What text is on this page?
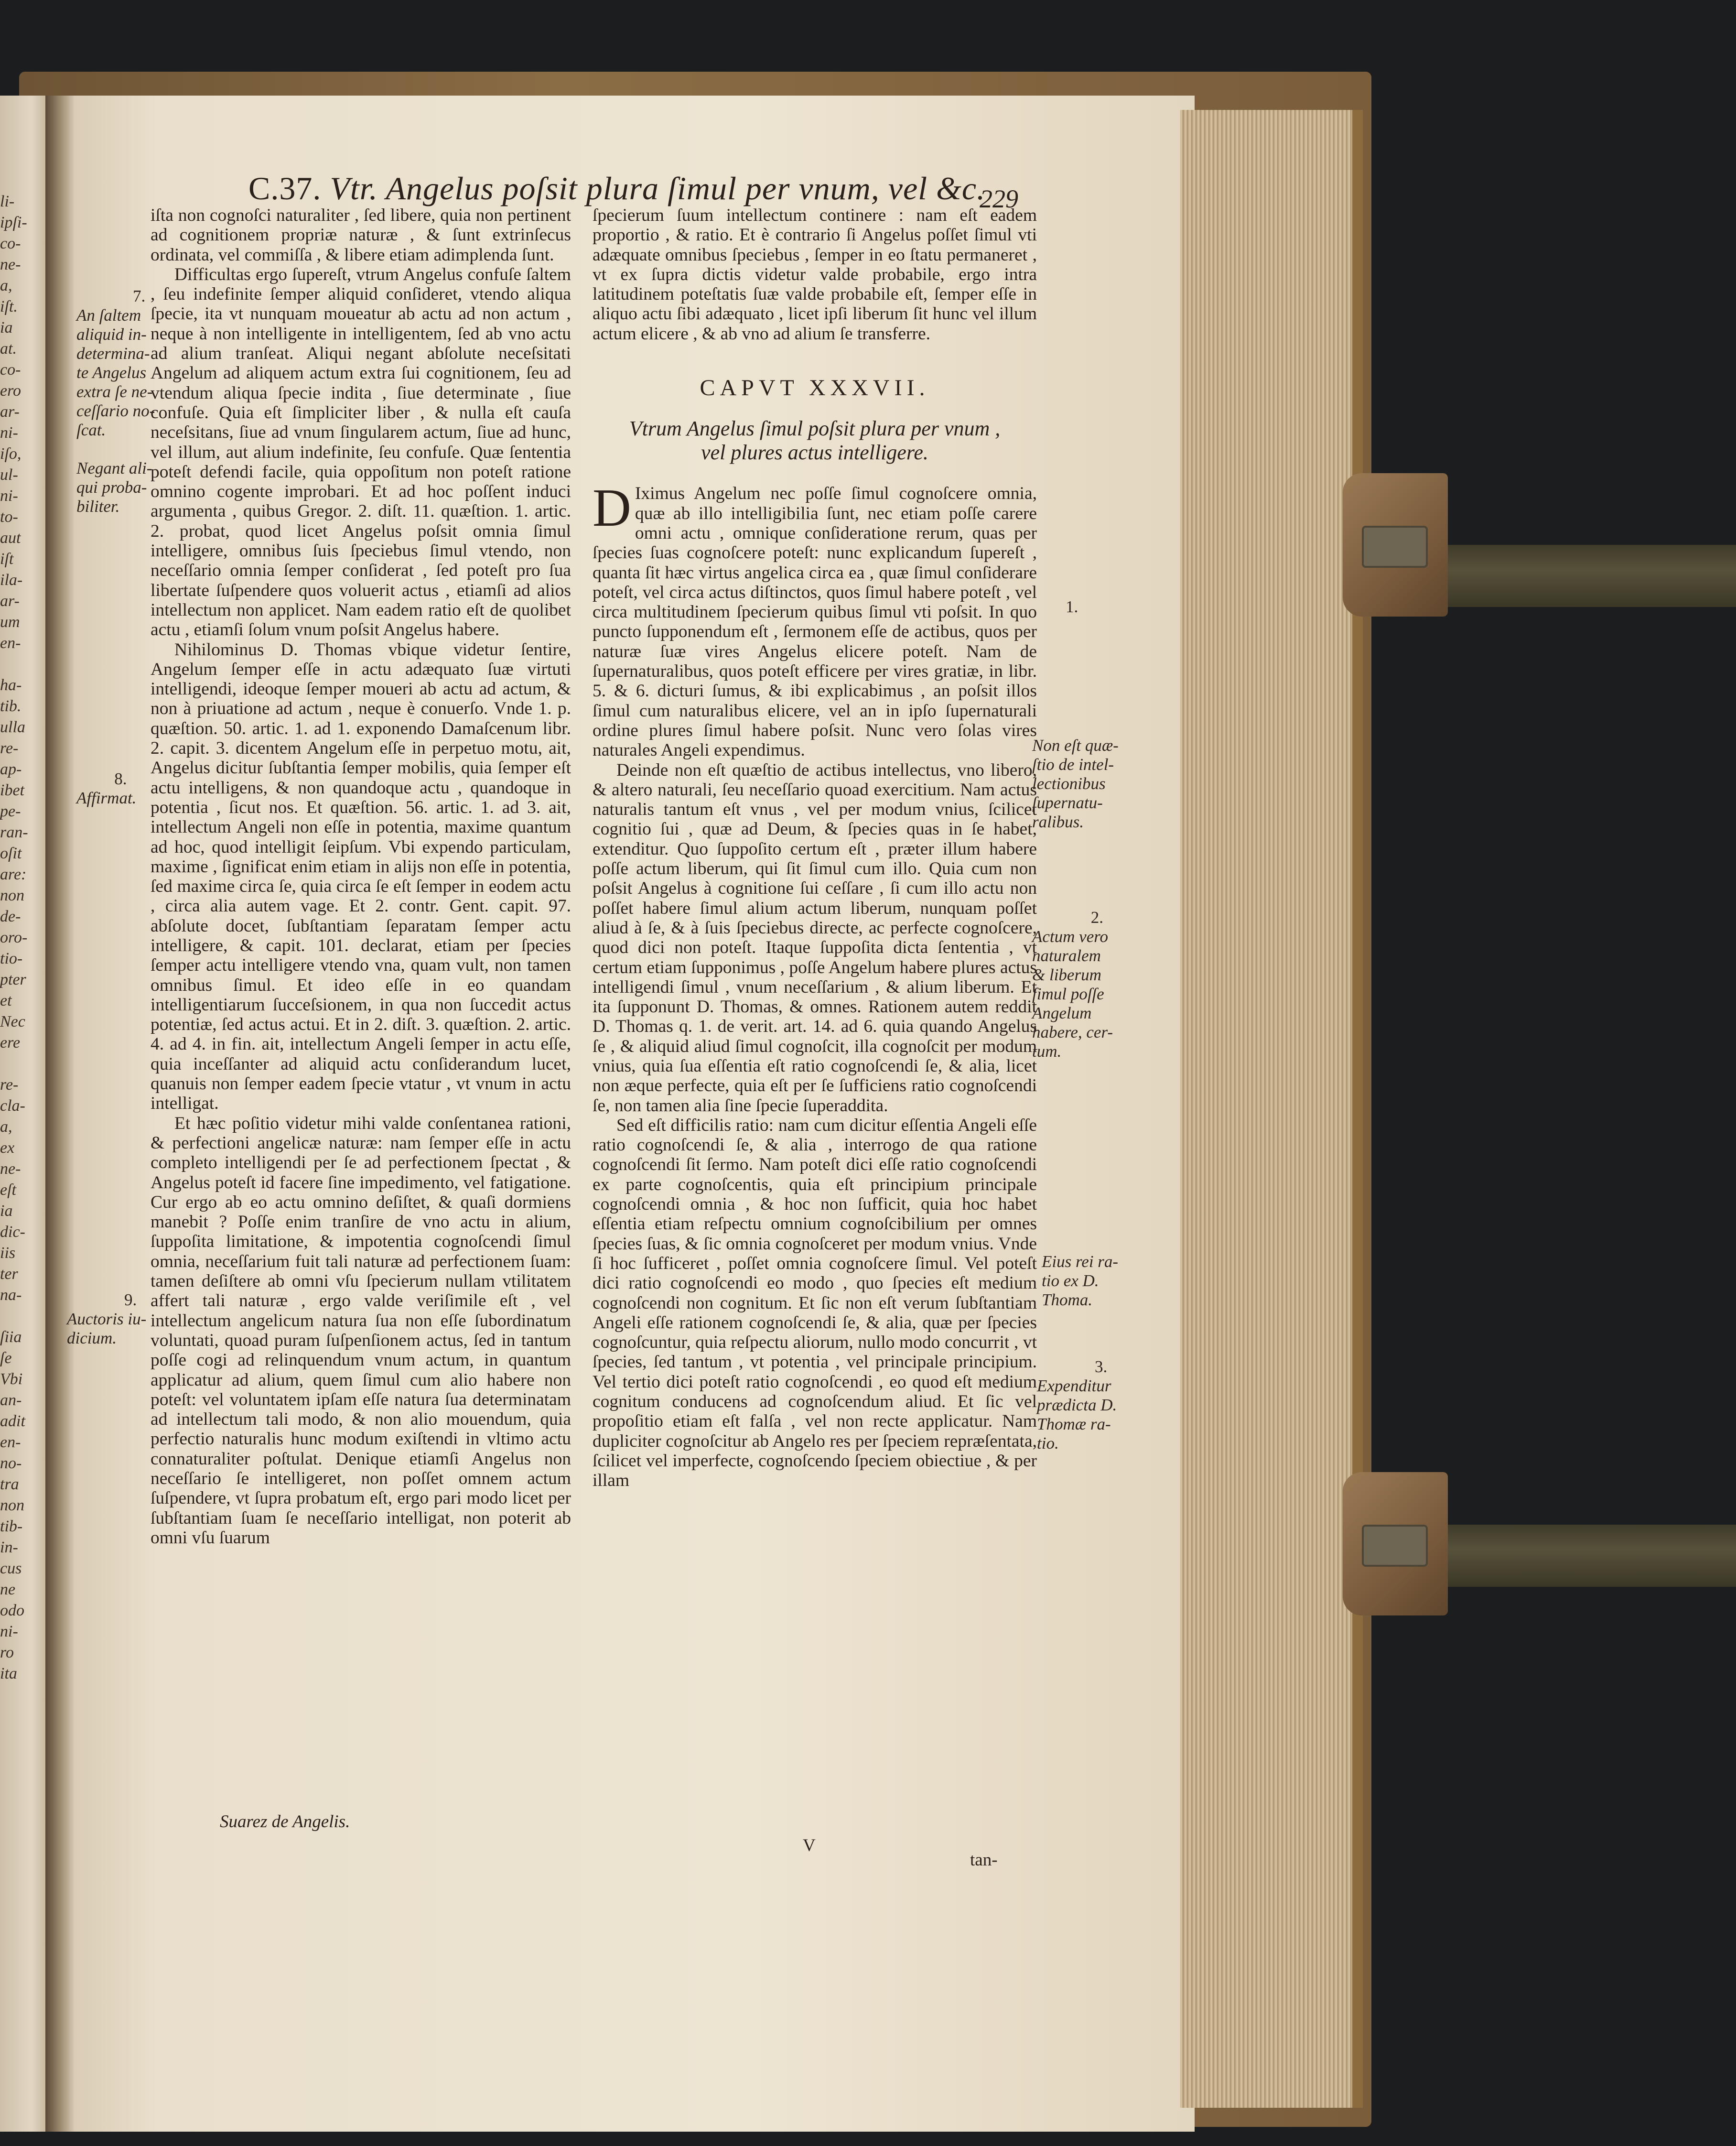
li-
ipſi-
co-
ne-
a,
iſt.
ia
at.
co-
ero
ar-
ni-
iſo,
ul-
ni-
to-
aut
iſt
ila-
ar-
um
en-

ha-
tib.
ulla
re-
ap-
ibet
pe-
ran-
oſit
are:
non
de-
oro-
tio-
pter
et
Nec
ere

re-
cla-
a,
ex
ne-
eſt
ia
dic-
iis
ter
na-

ſiia
ſe
Vbi
an-
adit
en-
no-
tra
non
tib-
in-
cus
ne
odo
ni-
ro
ita
C.37. Vtr. Angelus poſsit plura ſimul per vnum, vel &c.
229

iſta non cognoſci naturaliter , ſed libere, quia non pertinent ad cognitionem propriæ naturæ , & ſunt extrinſecus ordinata, vel commiſſa , & libere etiam adimplenda ſunt.

Difficultas ergo ſupereſt, vtrum Angelus confuſe ſaltem , ſeu indefinite ſemper aliquid conſideret, vtendo aliqua ſpecie, ita vt nunquam moueatur ab actu ad non actum , neque à non intelligente in intelligentem, ſed ab vno actu ad alium tranſeat. Aliqui negant abſolute neceſsitati Angelum ad aliquem actum extra ſui cognitionem, ſeu ad vtendum aliqua ſpecie indita , ſiue determinate , ſiue confuſe. Quia eſt ſimpliciter liber , & nulla eſt cauſa neceſsitans, ſiue ad vnum ſingularem actum, ſiue ad hunc, vel illum, aut alium indefinite, ſeu confuſe. Quæ ſententia poteſt defendi facile, quia oppoſitum non poteſt ratione omnino cogente improbari. Et ad hoc poſſent induci argumenta , quibus Gregor. 2. diſt. 11. quæſtion. 1. artic. 2. probat, quod licet Angelus poſsit omnia ſimul intelligere, omnibus ſuis ſpeciebus ſimul vtendo, non neceſſario omnia ſemper conſiderat , ſed poteſt pro ſua libertate ſuſpendere quos voluerit actus , etiamſi ad alios intellectum non applicet. Nam eadem ratio eſt de quolibet actu , etiamſi ſolum vnum poſsit Angelus habere.

Nihilominus D. Thomas vbique videtur ſentire, Angelum ſemper eſſe in actu adæquato ſuæ virtuti intelligendi, ideoque ſemper moueri ab actu ad actum, & non à priuatione ad actum , neque è conuerſo. Vnde 1. p. quæſtion. 50. artic. 1. ad 1. exponendo Damaſcenum libr. 2. capit. 3. dicentem Angelum eſſe in perpetuo motu, ait, Angelus dicitur ſubſtantia ſemper mobilis, quia ſemper eſt actu intelligens, & non quandoque actu , quandoque in potentia , ſicut nos. Et quæſtion. 56. artic. 1. ad 3. ait, intellectum Angeli non eſſe in potentia, maxime quantum ad hoc, quod intelligit ſeipſum. Vbi expendo particulam, maxime , ſignificat enim etiam in alijs non eſſe in potentia, ſed maxime circa ſe, quia circa ſe eſt ſemper in eodem actu , circa alia autem vage. Et 2. contr. Gent. capit. 97. abſolute docet, ſubſtantiam ſeparatam ſemper actu intelligere, & capit. 101. declarat, etiam per ſpecies ſemper actu intelligere vtendo vna, quam vult, non tamen omnibus ſimul. Et ideo eſſe in eo quandam intelligentiarum ſucceſsionem, in qua non ſuccedit actus potentiæ, ſed actus actui. Et in 2. diſt. 3. quæſtion. 2. artic. 4. ad 4. in fin. ait, intellectum Angeli ſemper in actu eſſe, quia inceſſanter ad aliquid actu conſiderandum lucet, quanuis non ſemper eadem ſpecie vtatur , vt vnum in actu intelligat.

Et hæc poſitio videtur mihi valde conſentanea rationi, & perfectioni angelicæ naturæ: nam ſemper eſſe in actu completo intelligendi per ſe ad perfectionem ſpectat , & Angelus poteſt id facere ſine impedimento, vel fatigatione. Cur ergo ab eo actu omnino deſiſtet, & quaſi dormiens manebit ? Poſſe enim tranſire de vno actu in alium, ſuppoſita limitatione, & impotentia cognoſcendi ſimul omnia, neceſſarium fuit tali naturæ ad perfectionem ſuam: tamen deſiſtere ab omni vſu ſpecierum nullam vtilitatem affert tali naturæ , ergo valde veriſimile eſt , vel intellectum angelicum natura ſua non eſſe ſubordinatum voluntati, quoad puram ſuſpenſionem actus, ſed in tantum poſſe cogi ad relinquendum vnum actum, in quantum applicatur ad alium, quem ſimul cum alio habere non poteſt: vel voluntatem ipſam eſſe natura ſua determinatam ad intellectum tali modo, & non alio mouendum, quia perfectio naturalis hunc modum exiſtendi in vltimo actu connaturaliter poſtulat. Denique etiamſi Angelus non neceſſario ſe intelligeret, non poſſet omnem actum ſuſpendere, vt ſupra probatum eſt, ergo pari modo licet per ſubſtantiam ſuam ſe neceſſario intelligat, non poterit ab omni vſu ſuarum

Suarez de Angelis.

ſpecierum ſuum intellectum continere : nam eſt eadem proportio , & ratio. Et è contrario ſi Angelus poſſet ſimul vti adæquate omnibus ſpeciebus , ſemper in eo ſtatu permaneret , vt ex ſupra dictis videtur valde probabile, ergo intra latitudinem poteſtatis ſuæ valde probabile eſt, ſemper eſſe in aliquo actu ſibi adæquato , licet ipſi liberum ſit hunc vel illum actum elicere , & ab vno ad alium ſe transferre.

CAPVT XXXVII.
Vtrum Angelus ſimul poſsit plura per vnum , vel plures actus intelligere.

D Iximus Angelum nec poſſe ſimul cognoſcere omnia, quæ ab illo intelligibilia ſunt, nec etiam poſſe carere omni actu , omnique conſideratione rerum, quas per ſpecies ſuas cognoſcere poteſt: nunc explicandum ſupereſt , quanta ſit hæc virtus angelica circa ea , quæ ſimul conſiderare poteſt, vel circa actus diſtinctos, quos ſimul habere poteſt , vel circa multitudinem ſpecierum quibus ſimul vti poſsit. In quo puncto ſupponendum eſt , ſermonem eſſe de actibus, quos per naturæ ſuæ vires Angelus elicere poteſt. Nam de ſupernaturalibus, quos poteſt efficere per vires gratiæ, in libr. 5. & 6. dicturi ſumus, & ibi explicabimus , an poſsit illos ſimul cum naturalibus elicere, vel an in ipſo ſupernaturali ordine plures ſimul habere poſsit. Nunc vero ſolas vires naturales Angeli expendimus.

Deinde non eſt quæſtio de actibus intellectus, vno libero, & altero naturali, ſeu neceſſario quoad exercitium. Nam actus naturalis tantum eſt vnus , vel per modum vnius, ſcilicet cognitio ſui , quæ ad Deum, & ſpecies quas in ſe habet, extenditur. Quo ſuppoſito certum eſt , præter illum habere poſſe actum liberum, qui ſit ſimul cum illo. Quia cum non poſsit Angelus à cognitione ſui ceſſare , ſi cum illo actu non poſſet habere ſimul alium actum liberum, nunquam poſſet aliud à ſe, & à ſuis ſpeciebus directe, ac perfecte cognoſcere, quod dici non poteſt. Itaque ſuppoſita dicta ſententia , vt certum etiam ſupponimus , poſſe Angelum habere plures actus intelligendi ſimul , vnum neceſſarium , & alium liberum. Et ita ſupponunt D. Thomas, & omnes. Rationem autem reddit D. Thomas q. 1. de verit. art. 14. ad 6. quia quando Angelus ſe , & aliquid aliud ſimul cognoſcit, illa cognoſcit per modum vnius, quia ſua eſſentia eſt ratio cognoſcendi ſe, & alia, licet non æque perfecte, quia eſt per ſe ſufficiens ratio cognoſcendi ſe, non tamen alia ſine ſpecie ſuperaddita.

Sed eſt difficilis ratio: nam cum dicitur eſſentia Angeli eſſe ratio cognoſcendi ſe, & alia , interrogo de qua ratione cognoſcendi ſit ſermo. Nam poteſt dici eſſe ratio cognoſcendi ex parte cognoſcentis, quia eſt principium principale cognoſcendi omnia , & hoc non ſufficit, quia hoc habet eſſentia etiam reſpectu omnium cognoſcibilium per omnes ſpecies ſuas, & ſic omnia cognoſceret per modum vnius. Vnde ſi hoc ſufficeret , poſſet omnia cognoſcere ſimul. Vel poteſt dici ratio cognoſcendi eo modo , quo ſpecies eſt medium cognoſcendi non cognitum. Et ſic non eſt verum ſubſtantiam Angeli eſſe rationem cognoſcendi ſe, & alia, quæ per ſpecies cognoſcuntur, quia reſpectu aliorum, nullo modo concurrit , vt ſpecies, ſed tantum , vt potentia , vel principale principium. Vel tertio dici poteſt ratio cognoſcendi , eo quod eſt medium cognitum conducens ad cognoſcendum aliud. Et ſic vel propoſitio etiam eſt falſa , vel non recte applicatur. Nam dupliciter cognoſcitur ab Angelo res per ſpeciem repræſentata, ſcilicet vel imperfecte, cognoſcendo ſpeciem obiectiue , & per illam

V
tan-
7.
An ſaltem
aliquid in-
determina-
te Angelus
extra ſe ne-
ceſſario no-
ſcat.
Negant ali-
qui proba-
biliter.
8.
Affirmat.
9.
Auctoris iu-
dicium.
1.
Non eſt quæ-
ſtio de intel-
lectionibus
ſupernatu-
ralibus.
2.
Actum vero
naturalem
& liberum
ſimul poſſe
Angelum
habere, cer-
tum.
Eius rei ra-
tio ex D.
Thoma.
3.
Expenditur
prædicta D.
Thomæ ra-
tio.
